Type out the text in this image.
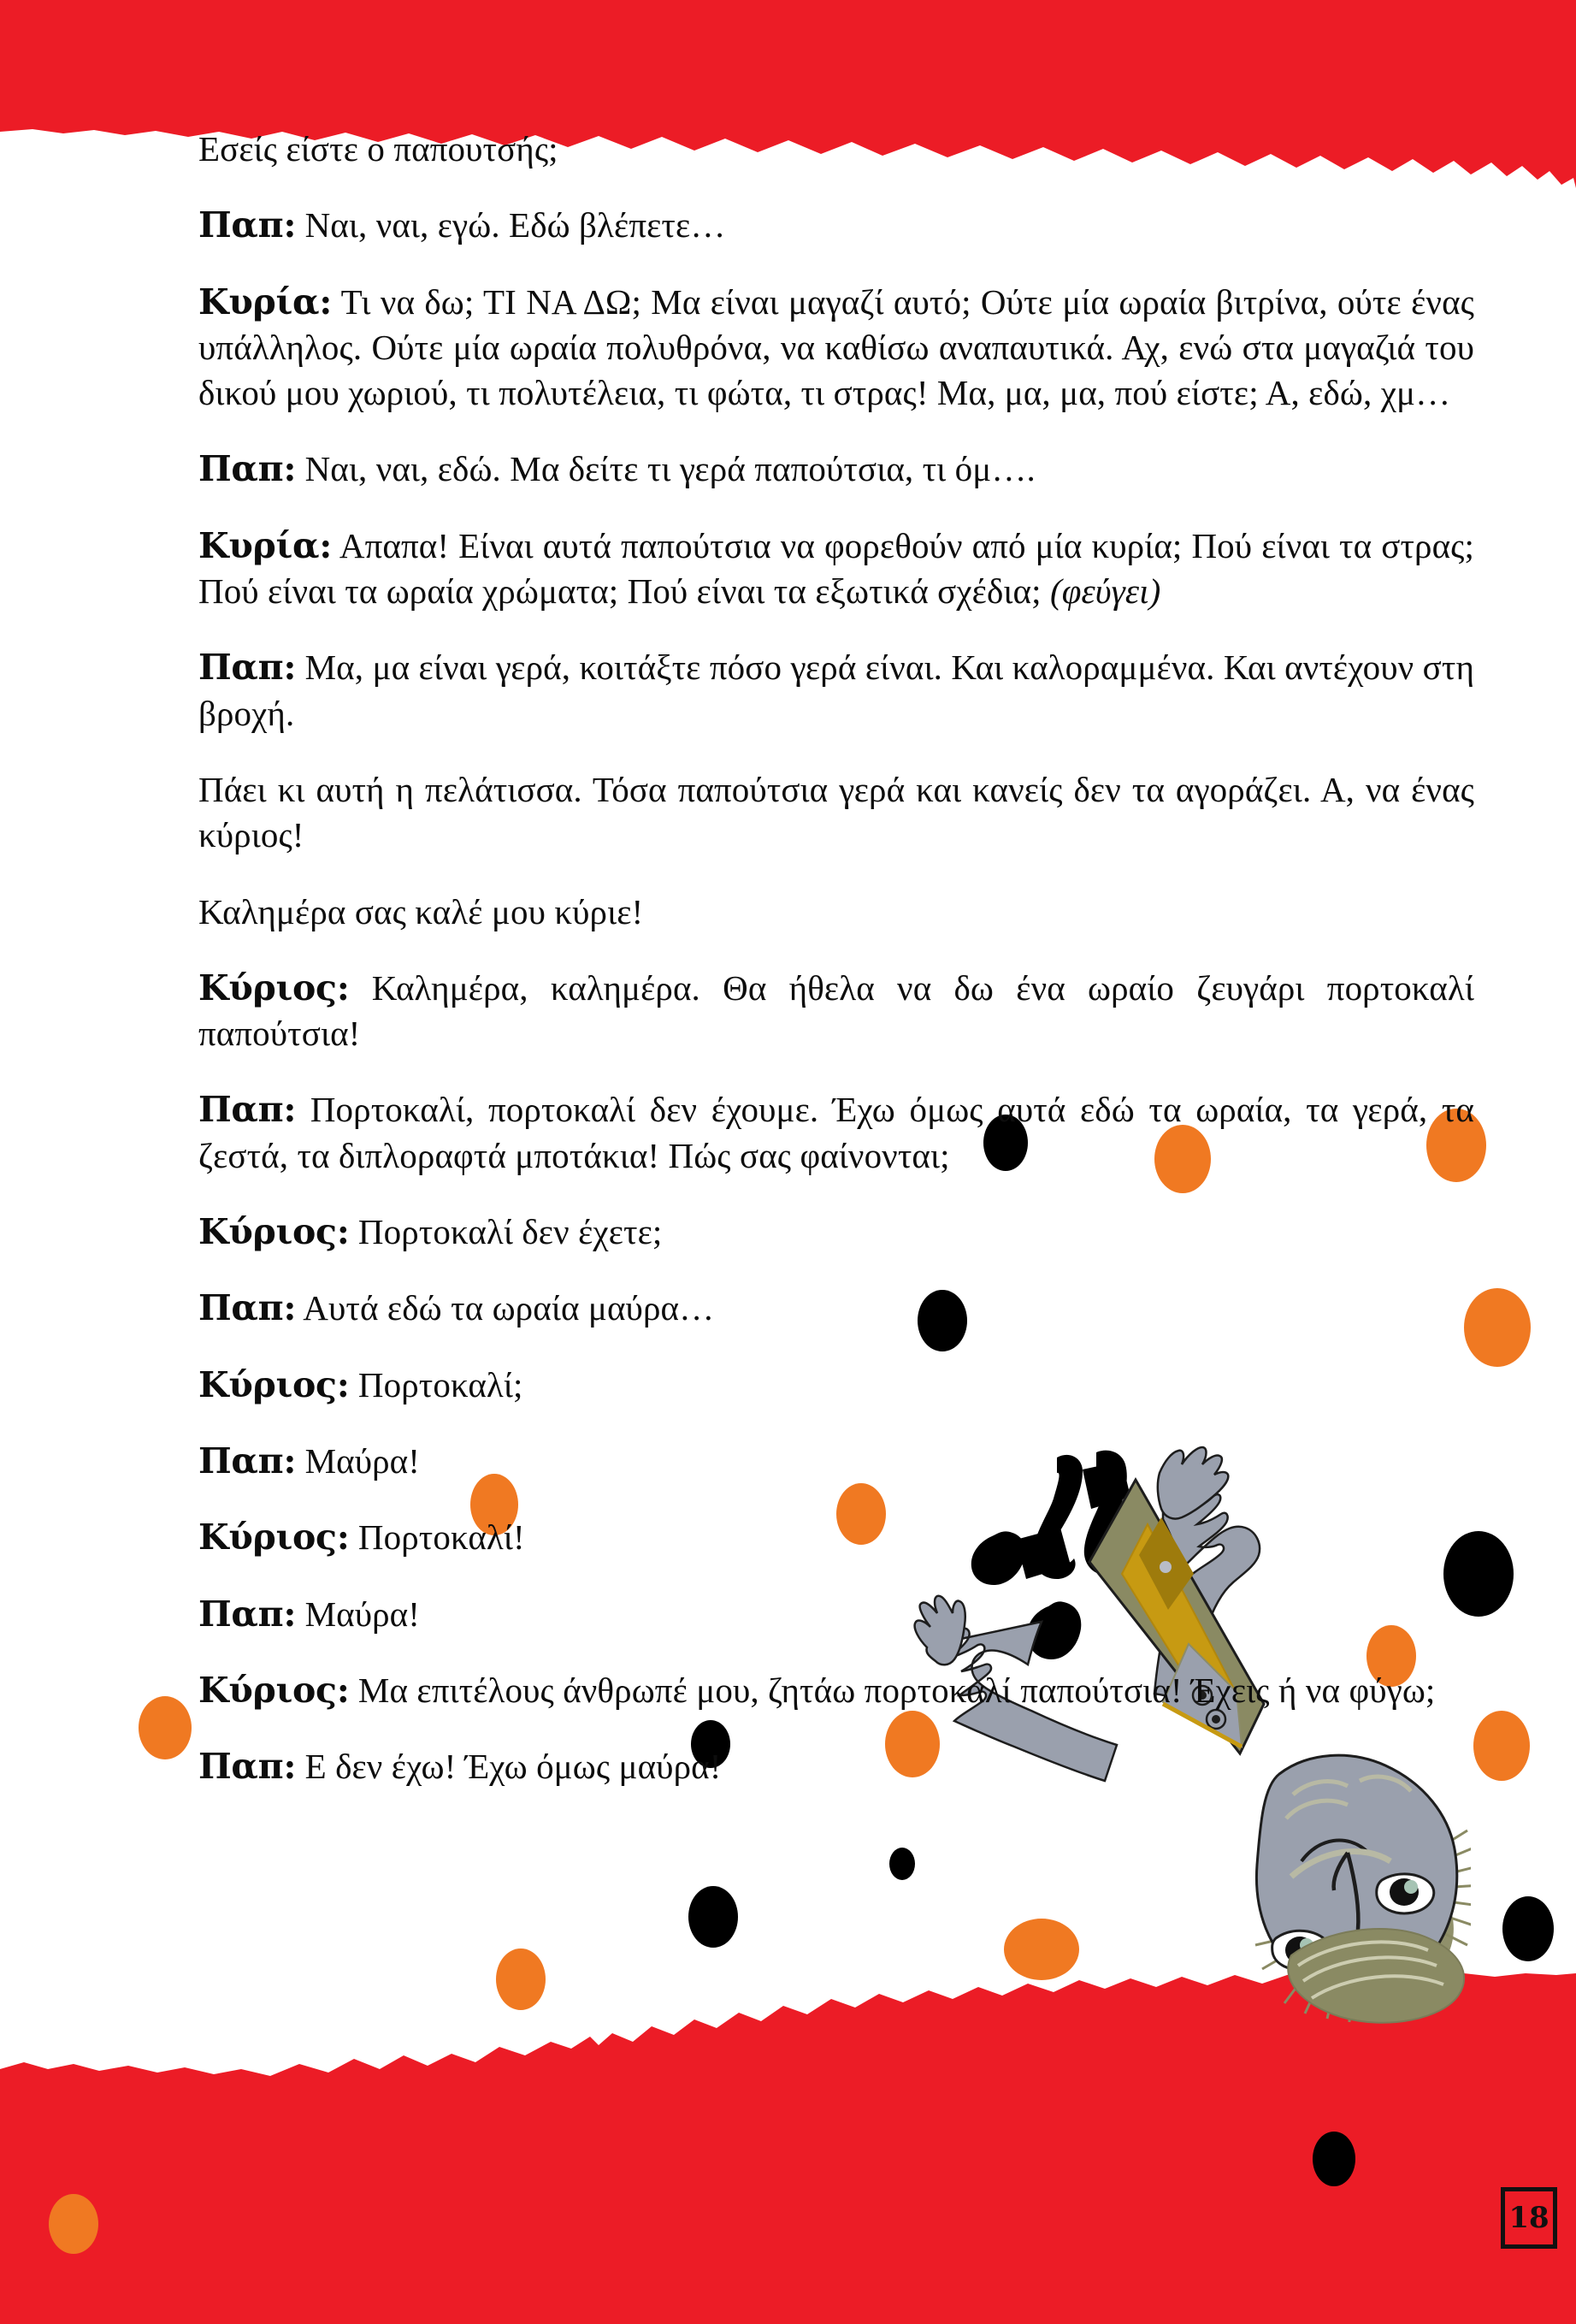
Εσείς είστε ο παπουτσής;

Παπ: Ναι, ναι, εγώ. Εδώ βλέπετε…

Κυρία: Τι να δω; ΤΙ ΝΑ ΔΩ; Μα είναι μαγαζί αυτό; Ούτε μία ωραία βιτρίνα, ούτε ένας υπάλληλος. Ούτε μία ωραία πολυθρόνα, να καθίσω αναπαυτικά. Αχ, ενώ στα μαγαζιά του δικού μου χωριού, τι πολυτέλεια, τι φώτα, τι στρας! Μα, μα, μα, πού είστε; Α, εδώ, χμ…

Παπ: Ναι, ναι, εδώ. Μα δείτε τι γερά παπούτσια, τι όμ….

Κυρία: Απαπα! Είναι αυτά παπούτσια να φορεθούν από μία κυρία; Πού είναι τα στρας; Πού είναι τα ωραία χρώματα; Πού είναι τα εξωτικά σχέδια; (φεύγει)

Παπ: Μα, μα είναι γερά, κοιτάξτε πόσο γερά είναι. Και καλοραμμένα. Και αντέχουν στη βροχή.

Πάει κι αυτή η πελάτισσα. Τόσα παπούτσια γερά και κανείς δεν τα αγοράζει. Α, να ένας κύριος!

Καλημέρα σας καλέ μου κύριε!

Κύριος: Καλημέρα, καλημέρα. Θα ήθελα να δω ένα ωραίο ζευγάρι πορτοκαλί παπούτσια!

Παπ: Πορτοκαλί, πορτοκαλί δεν έχουμε. Έχω όμως αυτά εδώ τα ωραία, τα γερά, τα ζεστά, τα διπλοραφτά μποτάκια! Πώς σας φαίνονται;

Κύριος: Πορτοκαλί δεν έχετε;

Παπ: Αυτά εδώ τα ωραία μαύρα…

Κύριος: Πορτοκαλί;

Παπ: Μαύρα!

Κύριος: Πορτοκαλί!

Παπ: Μαύρα!

Κύριος: Μα επιτέλους άνθρωπέ μου, ζητάω πορτοκαλί παπούτσια! Έχεις ή να φύγω;

Παπ: Ε δεν έχω! Έχω όμως μαύρα!

18
